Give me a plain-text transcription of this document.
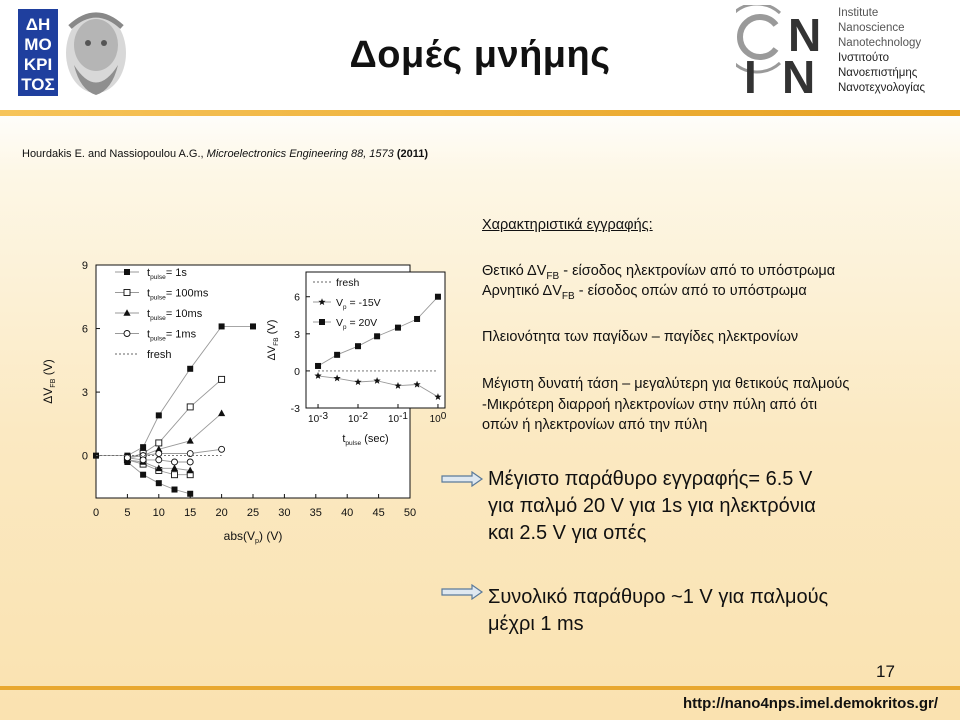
ΔΗ
ΜΟ
ΚΡΙ
ΤΟΣ
Δομές μνήμης	N
I N
Institute
Nanoscience
Nanotechnology
Ινστιτούτο
Νανοεπιστήμης
Νανοτεχνολογίας
Hourdakis E. and Nassiopoulou A.G., Microelectronics Engineering 88, 1573 (2011)
0 5 10 15 20 25 30 35 40 45 50
0
3
6
9
$abs(V_p)$ (V)
$\Delta V_{FB}$ (V)
$t_{pulse}= 1s$
$t_{pulse}= 100ms$
$t_{pulse}= 10ms$
$t_{pulse}= 1ms$
fresh
10-3 10-2 10-1 100
-3
0
3
6
$t_{pulse}$ (sec)
$\Delta V_{FB}$ (V)
fresh
$V_p = -15V$
$V_p = 20V$
Χαρακτηριστικά εγγραφής:
Θετικό $\Delta V_{FB}$ - είσοδος ηλεκτρονίων από το υπόστρωμα
Αρνητικό $\Delta V_{FB}$ - είσοδος οπών από το υπόστρωμα
Πλειονότητα των παγίδων – παγίδες ηλεκτρονίων
Μέγιστη δυνατή τάση – μεγαλύτερη για θετικούς παλμούς
-Μικρότερη διαρροή ηλεκτρονίων στην πύλη από ότι
οπών ή ηλεκτρονίων από την πύλη
Μέγιστο παράθυρο εγγραφής= 6.5 V
για παλμό 20 V για 1s για ηλεκτρόνια
και 2.5 V για οπές
Συνολικό παράθυρο ~1 V για παλμούς
μέχρι 1 ms
17
http://nano4nps.imel.demokritos.gr/
